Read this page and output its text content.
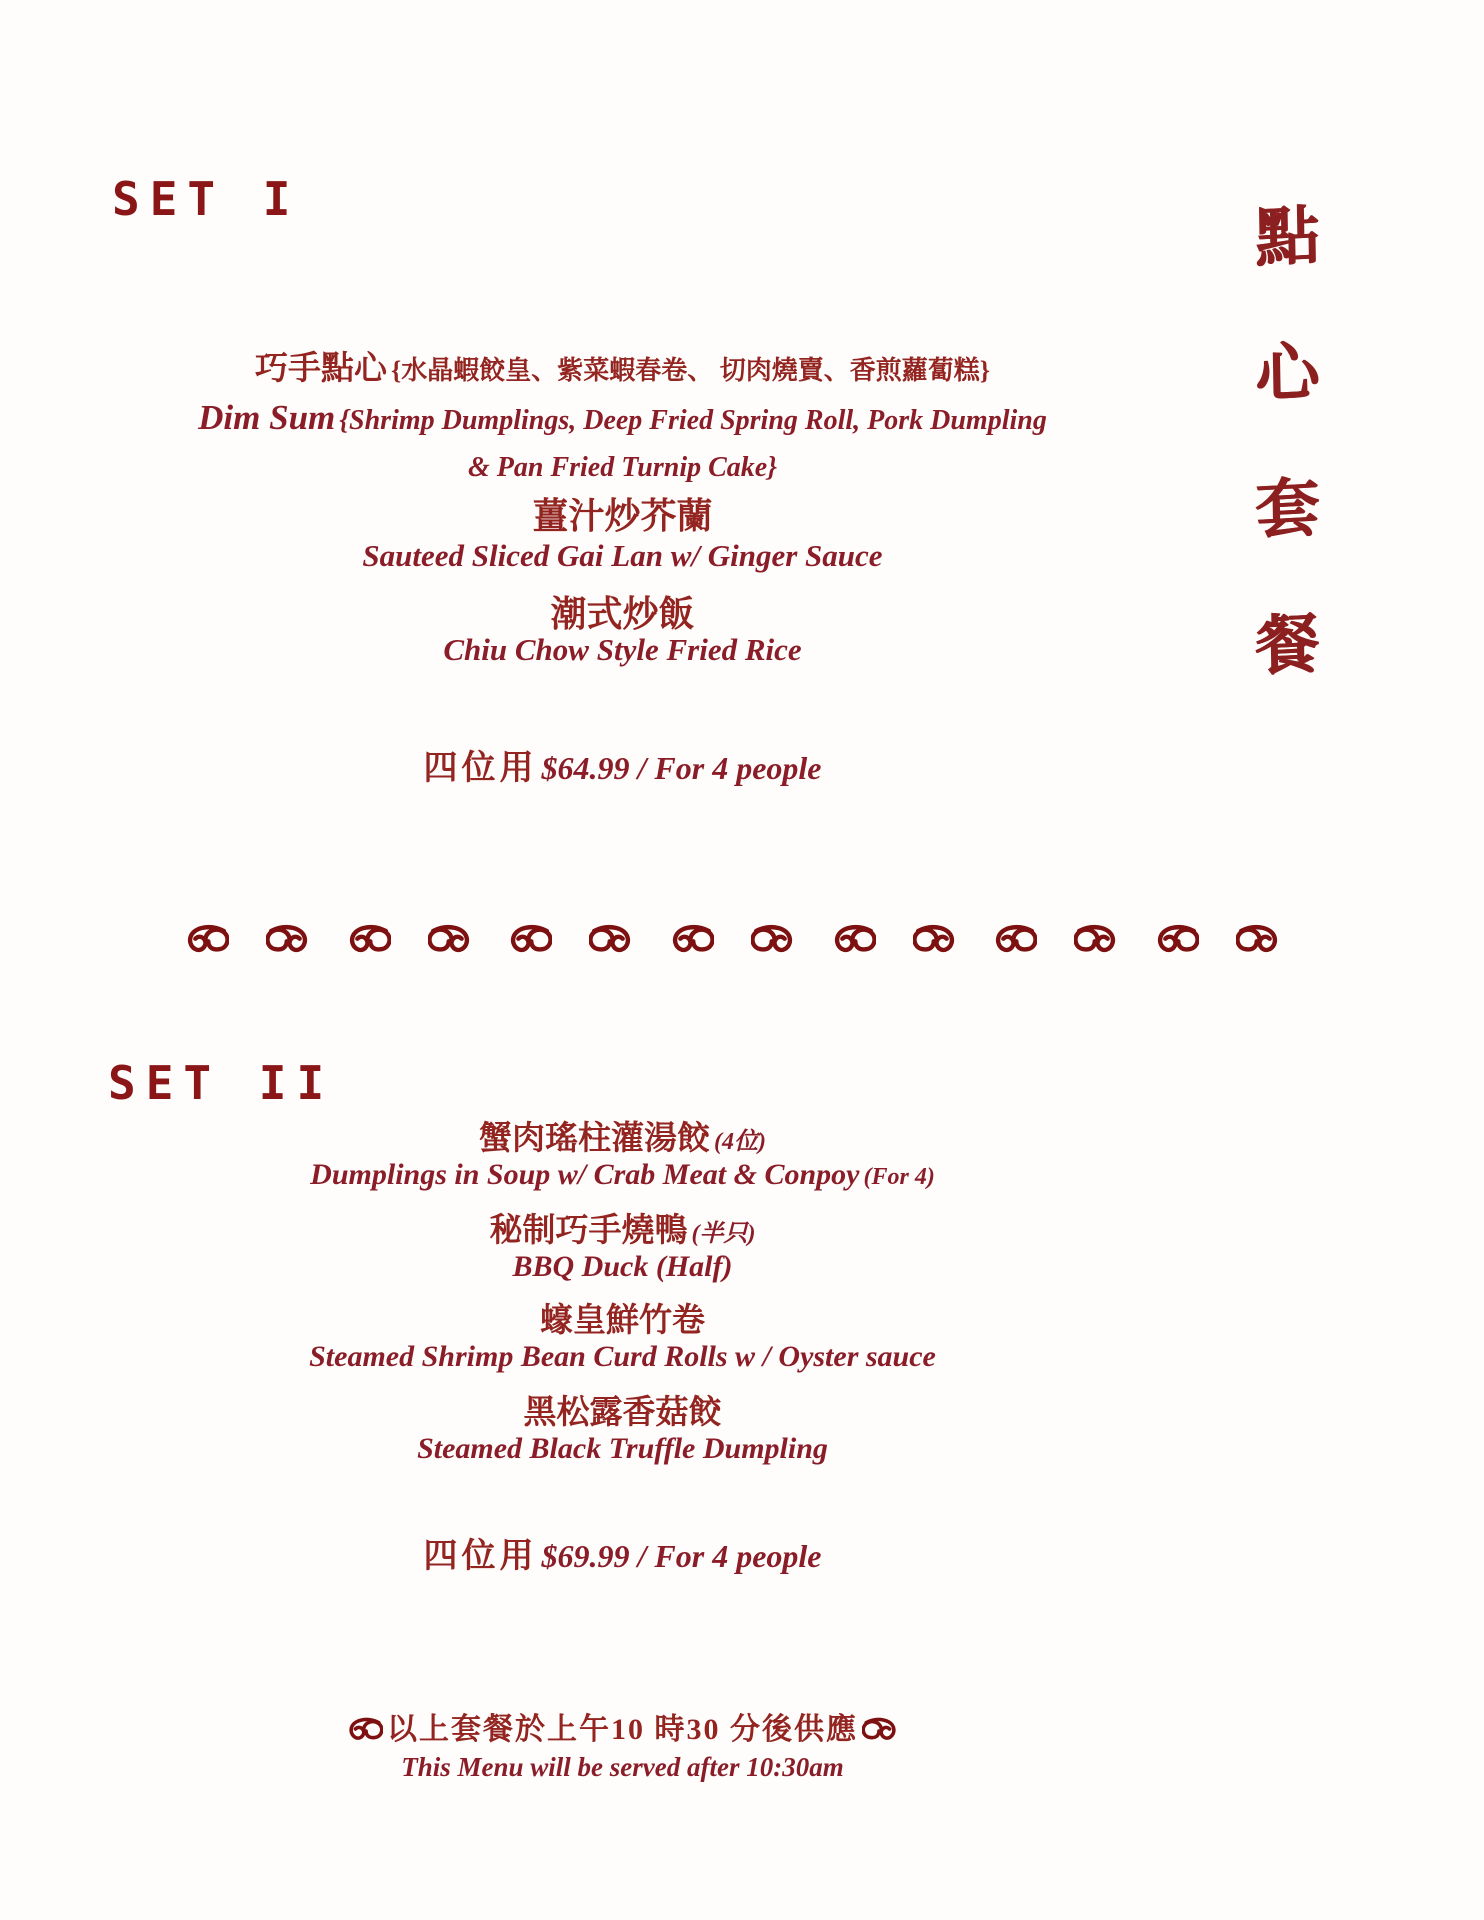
SET I
巧手點心 {水晶蝦餃皇、紫菜蝦春卷、 切肉燒賣、香煎蘿蔔糕}
Dim Sum {Shrimp Dumplings, Deep Fried Spring Roll, Pork Dumpling
& Pan Fried Turnip Cake}
薑汁炒芥蘭
Sauteed Sliced Gai Lan w/ Ginger Sauce
潮式炒飯
Chiu Chow Style Fried Rice
四位用 $64.99 / For 4 people
SET II
蟹肉瑤柱灌湯餃 (4位)
Dumplings in Soup w/ Crab Meat & Conpoy (For 4)
秘制巧手燒鴨 (半只)
BBQ Duck (Half)
蠔皇鮮竹卷
Steamed Shrimp Bean Curd Rolls w / Oyster sauce
黑松露香菇餃
Steamed Black Truffle Dumpling
四位用 $69.99 / For 4 people
以上套餐於上午10 時30 分後供應
This Menu will be served after 10:30am
點
心
套
餐
